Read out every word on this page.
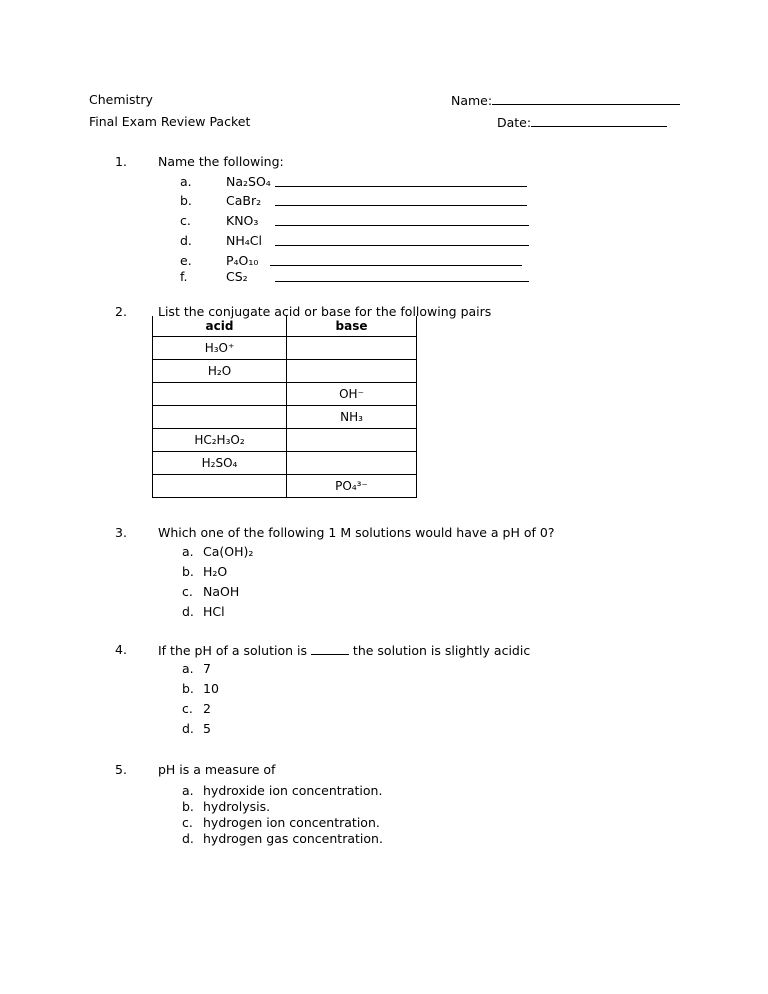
Chemistry
Final Exam Review Packet
Name:
Date:
1. Name the following:
a.	Na₂SO₄
b.	CaBr₂
c.	KNO₃
d.	NH₄Cl
e.	P₄O₁₀
f.	CS₂
2. List the conjugate acid or base for the following pairs
acid	base
H₃O⁺	
H₂O	
	OH⁻
	NH₃
HC₂H₃O₂	
H₂SO₄	
	PO₄³⁻
3. Which one of the following 1 M solutions would have a pH of 0?
a. Ca(OH)₂
b. H₂O
c. NaOH
d. HCl
4. If the pH of a solution is	the solution is slightly acidic
a. 7
b. 10
c. 2
d. 5
5. pH is a measure of
a. hydroxide ion concentration.
b. hydrolysis.
c. hydrogen ion concentration.
d. hydrogen gas concentration.
